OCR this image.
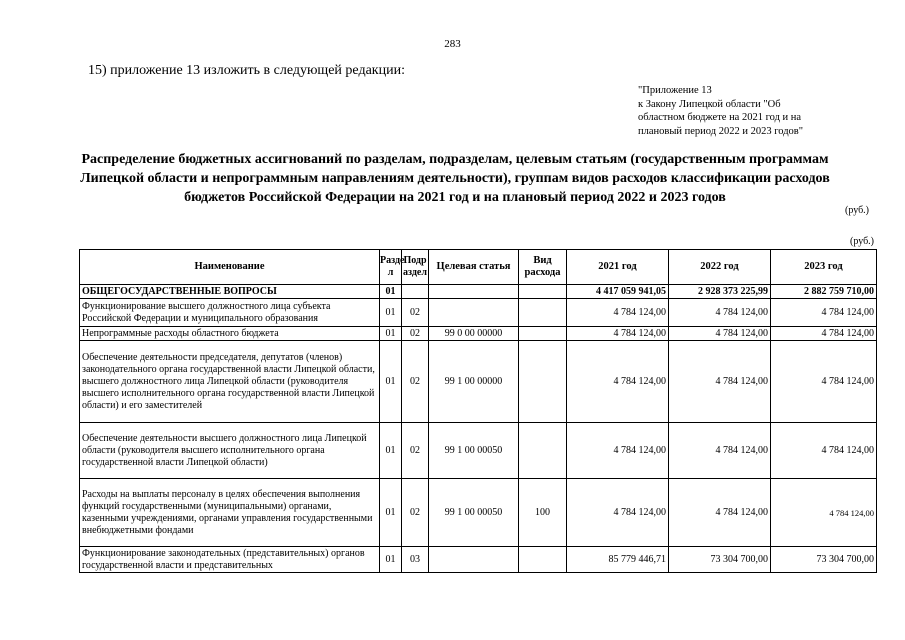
283
15) приложение 13 изложить в следующей редакции:
"Приложение 13
к Закону Липецкой области "Об
областном бюджете на 2021 год и на
плановый период 2022 и 2023 годов"
Распределение бюджетных ассигнований по разделам, подразделам, целевым статьям (государственным программам Липецкой области и непрограммным направлениям деятельности), группам видов расходов классификации расходов бюджетов Российской Федерации на 2021 год и на плановый период 2022 и 2023 годов
(руб.)
(руб.)
Наименование	Разде л	Подр аздел	Целевая статья	Вид расхода	2021 год	2022 год	2023 год
ОБЩЕГОСУДАРСТВЕННЫЕ ВОПРОСЫ	01				4 417 059 941,05	2 928 373 225,99	2 882 759 710,00
Функционирование высшего должностного лица субъекта Российской Федерации и муниципального образования	01	02			4 784 124,00	4 784 124,00	4 784 124,00
Непрограммные расходы областного бюджета	01	02	99 0 00 00000		4 784 124,00	4 784 124,00	4 784 124,00
Обеспечение деятельности председателя, депутатов (членов) законодательного органа государственной власти Липецкой области, высшего должностного лица Липецкой области (руководителя высшего исполнительного органа государственной власти Липецкой области) и его заместителей	01	02	99 1 00 00000		4 784 124,00	4 784 124,00	4 784 124,00
Обеспечение деятельности высшего должностного лица Липецкой области (руководителя высшего исполнительного органа государственной власти Липецкой области)	01	02	99 1 00 00050		4 784 124,00	4 784 124,00	4 784 124,00
Расходы на выплаты персоналу в целях обеспечения выполнения функций государственными (муниципальными) органами, казенными учреждениями, органами управления государственными внебюджетными фондами	01	02	99 1 00 00050	100	4 784 124,00	4 784 124,00	4 784 124,00
Функционирование законодательных (представительных) органов государственной власти и представительных	01	03			85 779 446,71	73 304 700,00	73 304 700,00
